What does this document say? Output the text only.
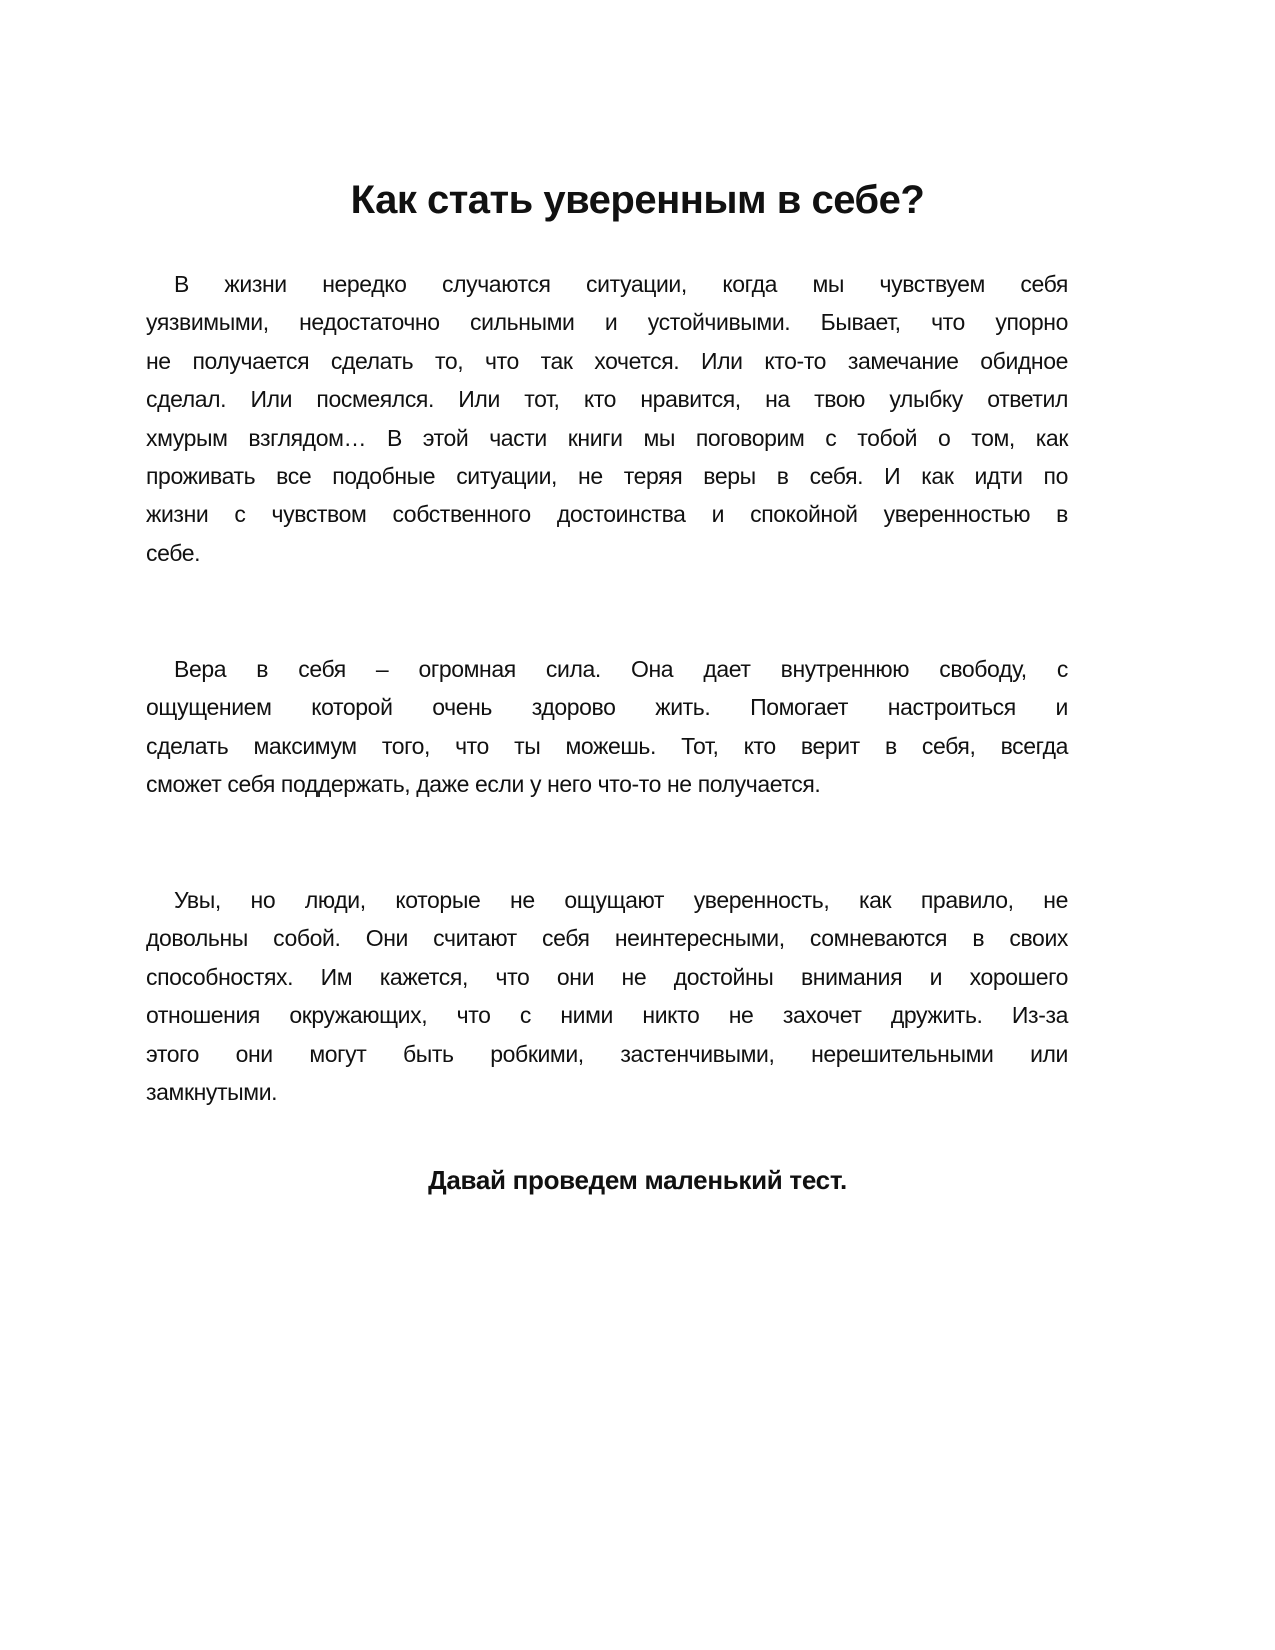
Как стать уверенным в себе?
В жизни нередко случаются ситуации, когда мы чувствуем себя
уязвимыми, недостаточно сильными и устойчивыми. Бывает, что упорно
не получается сделать то, что так хочется. Или кто-то замечание обидное
сделал. Или посмеялся. Или тот, кто нравится, на твою улыбку ответил
хмурым взглядом… В этой части книги мы поговорим с тобой о том, как
проживать все подобные ситуации, не теряя веры в себя. И как идти по
жизни с чувством собственного достоинства и спокойной уверенностью в
себе.
Вера в себя – огромная сила. Она дает внутреннюю свободу, с
ощущением которой очень здорово жить. Помогает настроиться и
сделать максимум того, что ты можешь. Тот, кто верит в себя, всегда
сможет себя поддержать, даже если у него что-то не получается.
Увы, но люди, которые не ощущают уверенность, как правило, не
довольны собой. Они считают себя неинтересными, сомневаются в своих
способностях. Им кажется, что они не достойны внимания и хорошего
отношения окружающих, что с ними никто не захочет дружить. Из-за
этого они могут быть робкими, застенчивыми, нерешительными или
замкнутыми.
Давай проведем маленький тест.
